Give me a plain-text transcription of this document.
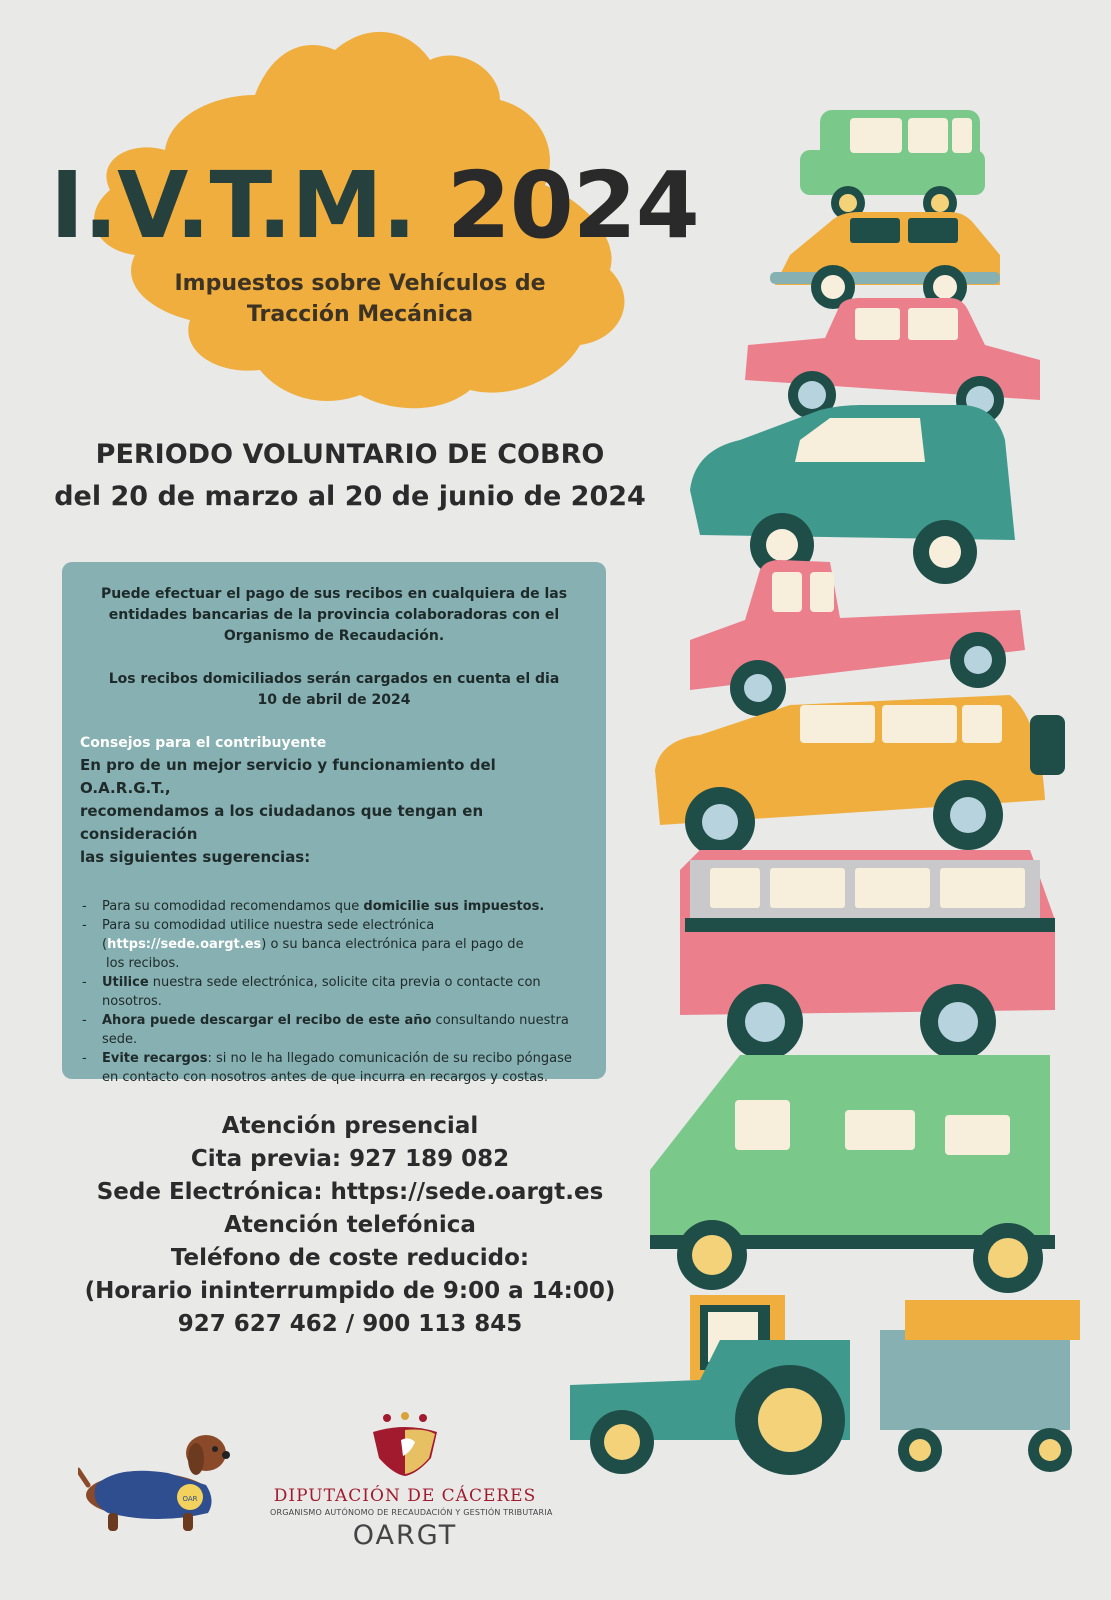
I.V.T.M. 2024
Impuestos sobre Vehículos de
Tracción Mecánica
PERIODO VOLUNTARIO DE COBRO
del 20 de marzo al 20 de junio de 2024
Puede efectuar el pago de sus recibos en cualquiera de las
entidades bancarias de la provincia colaboradoras con el
Organismo de Recaudación.
Los recibos domiciliados serán cargados en cuenta el dia
10 de abril de 2024
Consejos para el contribuyente
En pro de un mejor servicio y funcionamiento del O.A.R.G.T.,
recomendamos a los ciudadanos que tengan en consideración
las siguientes sugerencias:
- Para su comodidad recomendamos que domicilie sus impuestos.
- Para su comodidad utilice nuestra sede electrónica
(https://sede.oargt.es) o su banca electrónica para el pago de
los recibos.
- Utilice nuestra sede electrónica, solicite cita previa o contacte con
nosotros.
- Ahora puede descargar el recibo de este año consultando nuestra
sede.
- Evite recargos: si no le ha llegado comunicación de su recibo póngase
en contacto con nosotros antes de que incurra en recargos y costas.
Atención presencial
Cita previa: 927 189 082
Sede Electrónica: https://sede.oargt.es
Atención telefónica
Teléfono de coste reducido:
(Horario ininterrumpido de 9:00 a 14:00)
927 627 462 / 900 113 845
OAR	DIPUTACIÓN DE CÁCERES
ORGANISMO AUTÓNOMO DE RECAUDACIÓN Y GESTIÓN TRIBUTARIA
OARGT
